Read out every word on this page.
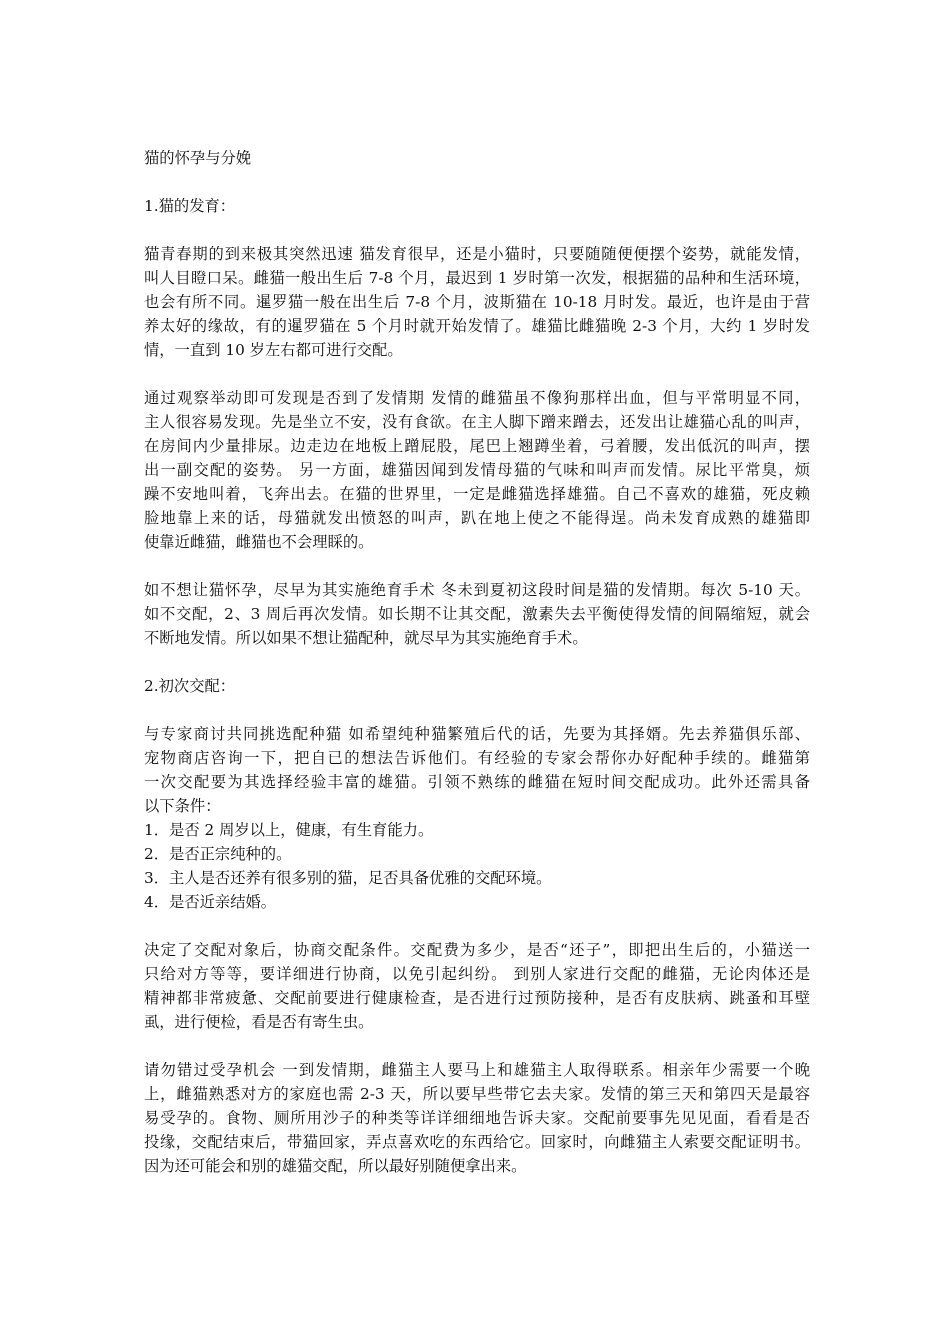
猫的怀孕与分娩
1.猫的发育：
猫青春期的到来极其突然迅速 猫发育很早，还是小猫时，只要随随便便摆个姿势，就能发情，
叫人目瞪口呆。雌猫一般出生后 7-8 个月，最迟到 1 岁时第一次发，根据猫的品种和生活环境，
也会有所不同。暹罗猫一般在出生后 7-8 个月，波斯猫在 10-18 月时发。最近，也许是由于营
养太好的缘故，有的暹罗猫在 5 个月时就开始发情了。雄猫比雌猫晚 2-3 个月，大约 1 岁时发
情，一直到 10 岁左右都可进行交配。
通过观察举动即可发现是否到了发情期 发情的雌猫虽不像狗那样出血，但与平常明显不同，
主人很容易发现。先是坐立不安，没有食欲。在主人脚下蹭来蹭去，还发出让雄猫心乱的叫声，
在房间内少量排尿。边走边在地板上蹭屁股，尾巴上翘蹲坐着，弓着腰，发出低沉的叫声，摆
出一副交配的姿势。 另一方面，雄猫因闻到发情母猫的气味和叫声而发情。尿比平常臭，烦
躁不安地叫着，飞奔出去。在猫的世界里，一定是雌猫选择雄猫。自己不喜欢的雄猫，死皮赖
脸地靠上来的话，母猫就发出愤怒的叫声，趴在地上使之不能得逞。尚未发育成熟的雄猫即
使靠近雌猫，雌猫也不会理睬的。
如不想让猫怀孕，尽早为其实施绝育手术 冬未到夏初这段时间是猫的发情期。每次 5-10 天。
如不交配，2、3 周后再次发情。如长期不让其交配，激素失去平衡使得发情的间隔缩短，就会
不断地发情。所以如果不想让猫配种，就尽早为其实施绝育手术。
2.初次交配：
与专家商讨共同挑选配种猫 如希望纯种猫繁殖后代的话，先要为其择婿。先去养猫俱乐部、
宠物商店咨询一下，把自已的想法告诉他们。有经验的专家会帮你办好配种手续的。雌猫第
一次交配要为其选择经验丰富的雄猫。引领不熟练的雌猫在短时间交配成功。此外还需具备
以下条件：
1．是否 2 周岁以上，健康，有生育能力。
2．是否正宗纯种的。
3．主人是否还养有很多别的猫，足否具备优雅的交配环境。
4．是否近亲结婚。
决定了交配对象后，协商交配条件。交配费为多少，是否“还子”，即把出生后的，小猫送一
只给对方等等，要详细进行协商，以免引起纠纷。 到别人家进行交配的雌猫，无论肉体还是
精神都非常疲惫、交配前要进行健康检查，是否进行过预防接种，是否有皮肤病、跳蚤和耳壁
虱，进行便检，看是否有寄生虫。
请勿错过受孕机会 一到发情期，雌猫主人要马上和雄猫主人取得联系。相亲年少需要一个晚
上，雌猫熟悉对方的家庭也需 2-3 天，所以要早些带它去夫家。发情的第三天和第四天是最容
易受孕的。食物、厕所用沙子的种类等详详细细地告诉夫家。交配前要事先见见面，看看是否
投缘，交配结束后，带猫回家，弄点喜欢吃的东西给它。回家时，向雌猫主人索要交配证明书。
因为还可能会和别的雄猫交配，所以最好别随便拿出来。
